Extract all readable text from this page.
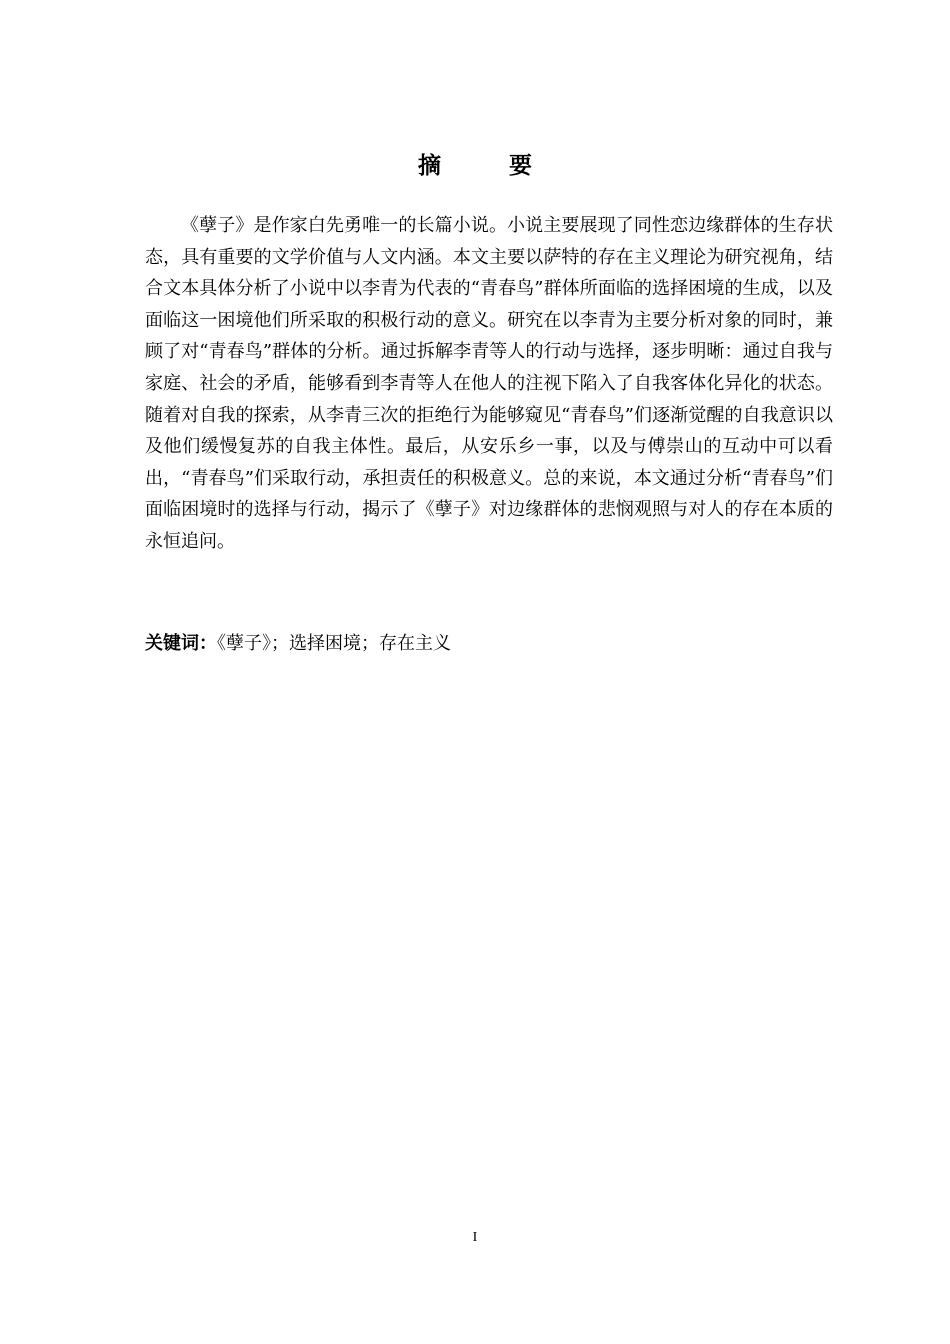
摘 要
《孽子》是作家白先勇唯一的长篇小说。小说主要展现了同性恋边缘群体的生存状态，具有重要的文学价值与人文内涵。本文主要以萨特的存在主义理论为研究视角，结合文本具体分析了小说中以李青为代表的“青春鸟”群体所面临的选择困境的生成，以及面临这一困境他们所采取的积极行动的意义。研究在以李青为主要分析对象的同时，兼顾了对“青春鸟”群体的分析。通过拆解李青等人的行动与选择，逐步明晰：通过自我与家庭、社会的矛盾，能够看到李青等人在他人的注视下陷入了自我客体化异化的状态。随着对自我的探索，从李青三次的拒绝行为能够窥见“青春鸟”们逐渐觉醒的自我意识以及他们缓慢复苏的自我主体性。最后，从安乐乡一事，以及与傅崇山的互动中可以看出，“青春鸟”们采取行动，承担责任的积极意义。总的来说，本文通过分析“青春鸟”们面临困境时的选择与行动，揭示了《孽子》对边缘群体的悲悯观照与对人的存在本质的永恒追问。
关键词：《孽子》；选择困境；存在主义
I
